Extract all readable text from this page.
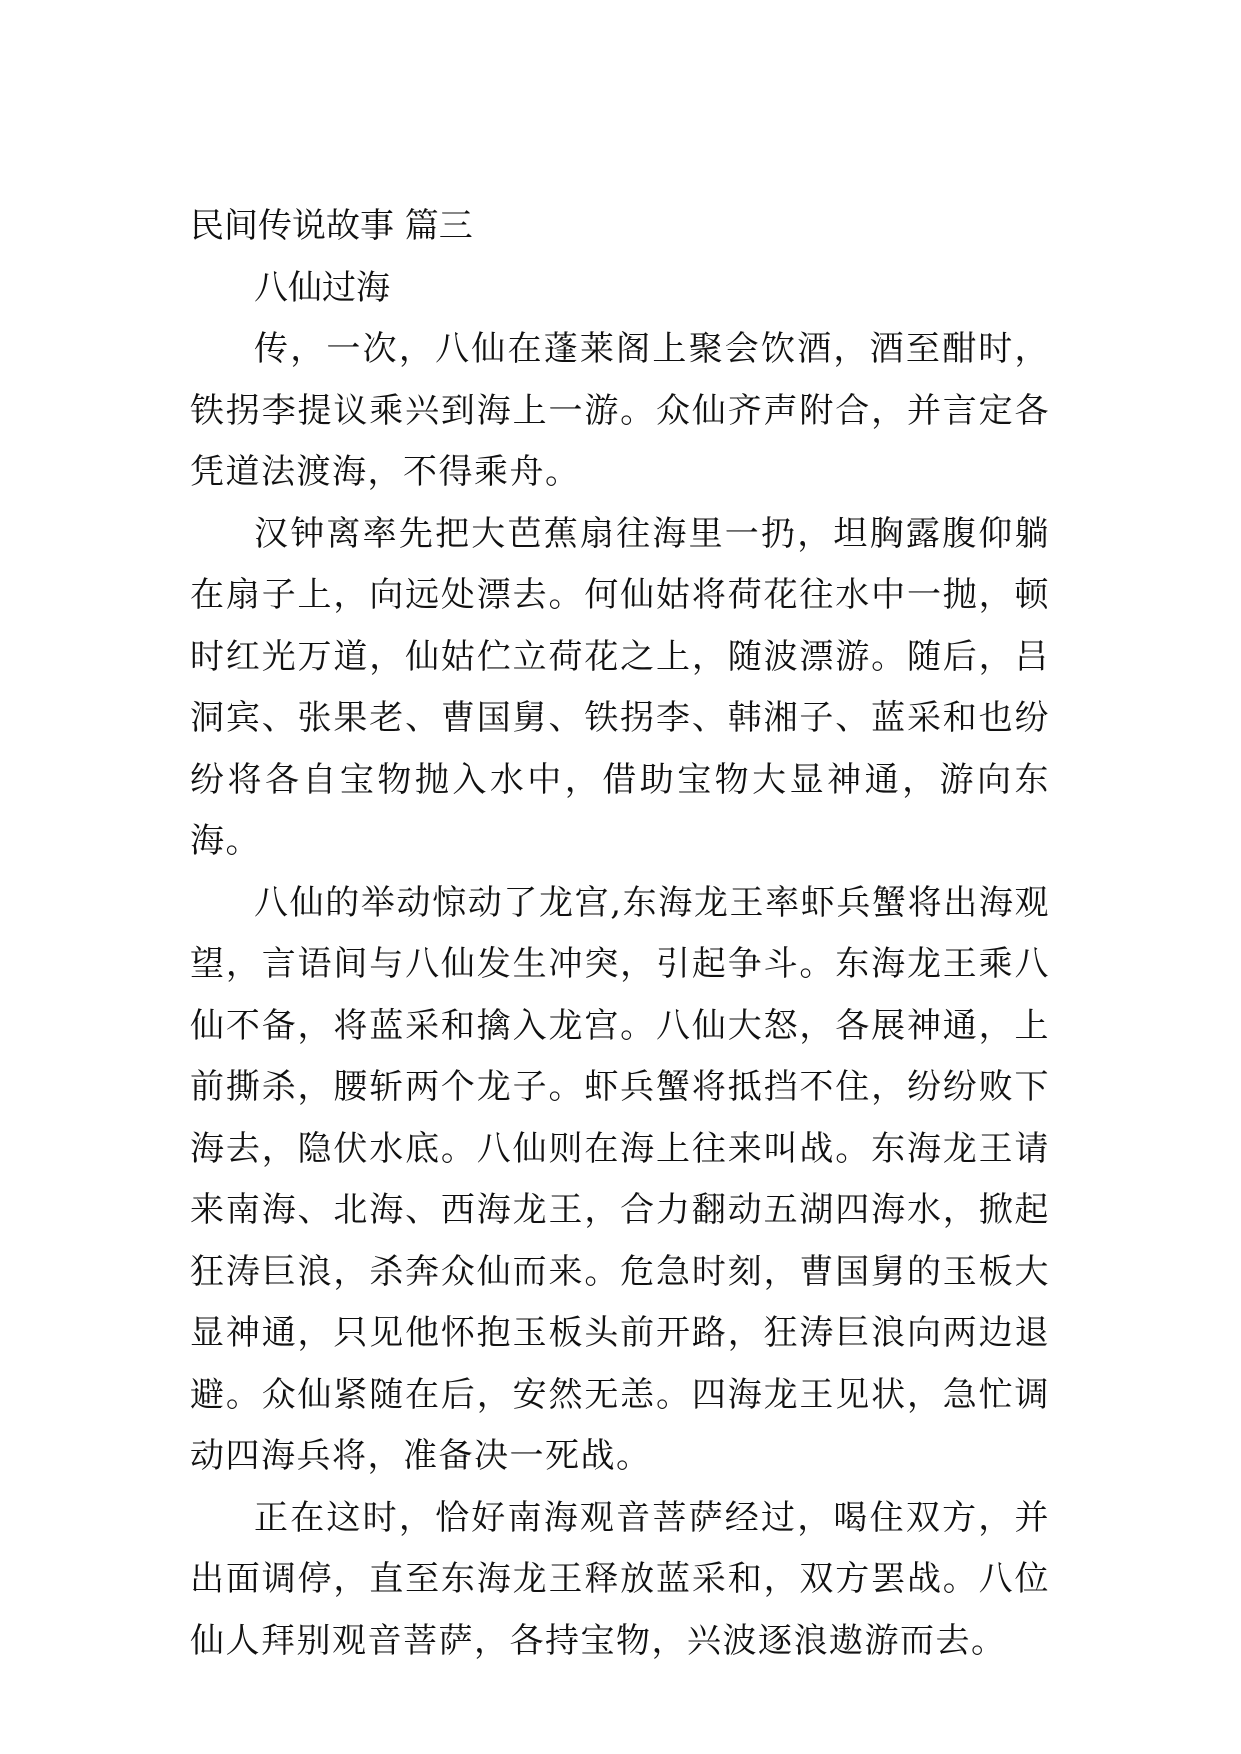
民间传说故事 篇三
八仙过海

传，一次，八仙在蓬莱阁上聚会饮酒，酒至酣时，铁拐李提议乘兴到海上一游。众仙齐声附合，并言定各凭道法渡海，不得乘舟。

汉钟离率先把大芭蕉扇往海里一扔，坦胸露腹仰躺在扇子上，向远处漂去。何仙姑将荷花往水中一抛，顿时红光万道，仙姑伫立荷花之上，随波漂游。随后，吕洞宾、张果老、曹国舅、铁拐李、韩湘子、蓝采和也纷纷将各自宝物抛入水中，借助宝物大显神通，游向东海。

八仙的举动惊动了龙宫,东海龙王率虾兵蟹将出海观望，言语间与八仙发生冲突，引起争斗。东海龙王乘八仙不备，将蓝采和擒入龙宫。八仙大怒，各展神通，上前撕杀，腰斩两个龙子。虾兵蟹将抵挡不住，纷纷败下海去，隐伏水底。八仙则在海上往来叫战。东海龙王请来南海、北海、西海龙王，合力翻动五湖四海水，掀起狂涛巨浪，杀奔众仙而来。危急时刻，曹国舅的玉板大显神通，只见他怀抱玉板头前开路，狂涛巨浪向两边退避。众仙紧随在后，安然无恙。四海龙王见状，急忙调动四海兵将，准备决一死战。

正在这时，恰好南海观音菩萨经过，喝住双方，并出面调停，直至东海龙王释放蓝采和，双方罢战。八位仙人拜别观音菩萨，各持宝物，兴波逐浪遨游而去。
